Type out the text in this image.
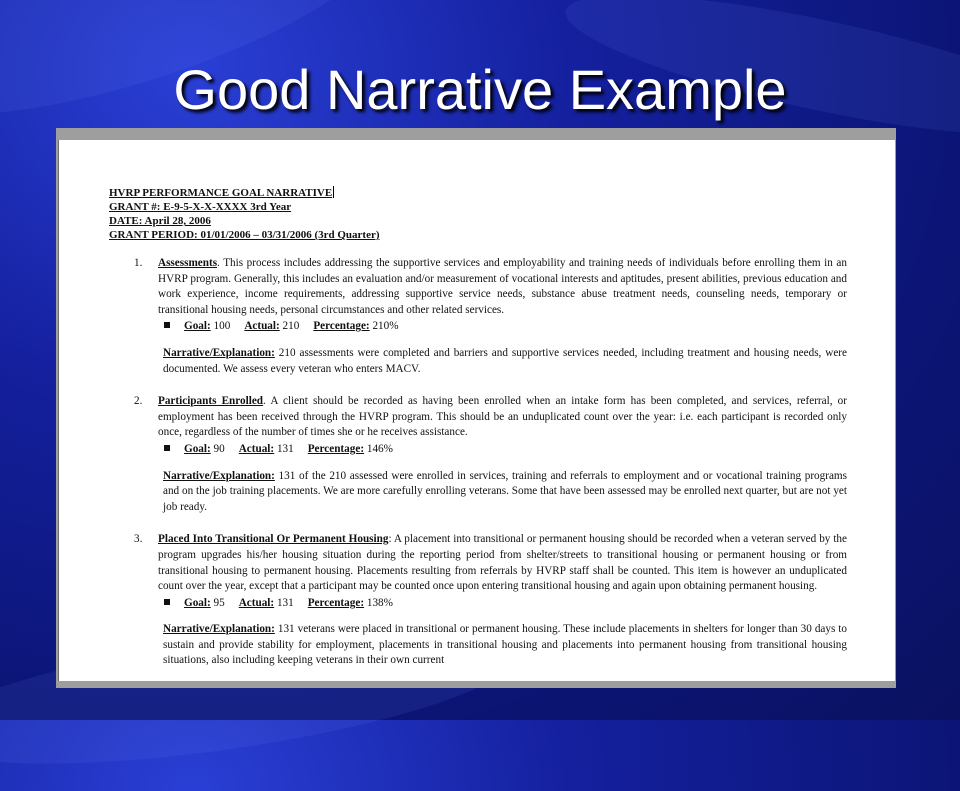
Good Narrative Example
HVRP PERFORMANCE GOAL NARRATIVE
GRANT #: E-9-5-X-X-XXXX 3rd Year
DATE: April 28, 2006
GRANT PERIOD: 01/01/2006 – 03/31/2006 (3rd Quarter)
1. Assessments. This process includes addressing the supportive services and employability and training needs of individuals before enrolling them in an HVRP program. Generally, this includes an evaluation and/or measurement of vocational interests and aptitudes, present abilities, previous education and work experience, income requirements, addressing supportive service needs, substance abuse treatment needs, counseling needs, temporary or transitional housing needs, personal circumstances and other related services.
Goal: 100 Actual: 210 Percentage: 210%
Narrative/Explanation: 210 assessments were completed and barriers and supportive services needed, including treatment and housing needs, were documented. We assess every veteran who enters MACV.
2. Participants Enrolled. A client should be recorded as having been enrolled when an intake form has been completed, and services, referral, or employment has been received through the HVRP program. This should be an unduplicated count over the year: i.e. each participant is recorded only once, regardless of the number of times she or he receives assistance.
Goal: 90 Actual: 131 Percentage: 146%
Narrative/Explanation: 131 of the 210 assessed were enrolled in services, training and referrals to employment and or vocational training programs and on the job training placements. We are more carefully enrolling veterans. Some that have been assessed may be enrolled next quarter, but are not yet job ready.
3. Placed Into Transitional Or Permanent Housing: A placement into transitional or permanent housing should be recorded when a veteran served by the program upgrades his/her housing situation during the reporting period from shelter/streets to transitional housing or permanent housing or from transitional housing to permanent housing. Placements resulting from referrals by HVRP staff shall be counted. This item is however an unduplicated count over the year, except that a participant may be counted once upon entering transitional housing and again upon obtaining permanent housing.
Goal: 95 Actual: 131 Percentage: 138%
Narrative/Explanation: 131 veterans were placed in transitional or permanent housing. These include placements in shelters for longer than 30 days to sustain and provide stability for employment, placements in transitional housing and placements into permanent housing from transitional housing situations, also including keeping veterans in their own current
